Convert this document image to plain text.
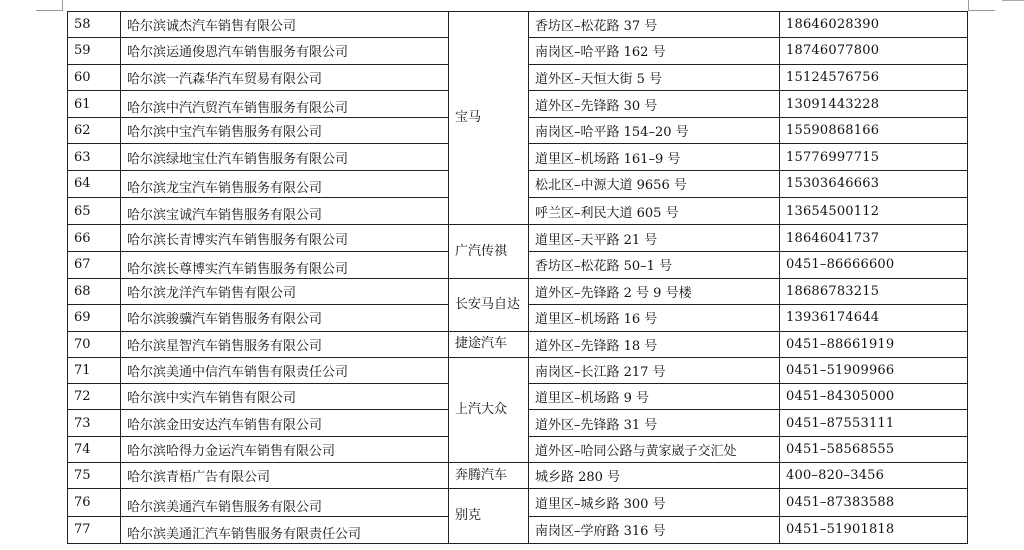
58	哈尔滨诚杰汽车销售有限公司	宝马	香坊区–松花路 37 号	18646028390
59	哈尔滨运通俊恩汽车销售服务有限公司		南岗区–哈平路 162 号	18746077800
60	哈尔滨一汽森华汽车贸易有限公司		道外区–天恒大街 5 号	15124576756
61	哈尔滨中汽汽贸汽车销售服务有限公司		道外区–先锋路 30 号	13091443228
62	哈尔滨中宝汽车销售服务有限公司		南岗区–哈平路 154–20 号	15590868166
63	哈尔滨绿地宝仕汽车销售服务有限公司		道里区–机场路 161–9 号	15776997715
64	哈尔滨龙宝汽车销售服务有限公司		松北区–中源大道 9656 号	15303646663
65	哈尔滨宝诚汽车销售服务有限公司		呼兰区–利民大道 605 号	13654500112
66	哈尔滨长青博实汽车销售服务有限公司	广汽传祺	道里区–天平路 21 号	18646041737
67	哈尔滨长尊博实汽车销售服务有限公司		香坊区–松花路 50–1 号	0451–86666600
68	哈尔滨龙洋汽车销售有限公司	长安马自达	道外区–先锋路 2 号 9 号楼	18686783215
69	哈尔滨骏骥汽车销售服务有限公司		道里区–机场路 16 号	13936174644
70	哈尔滨星智汽车销售服务有限公司	捷途汽车	道外区–先锋路 18 号	0451–88661919
71	哈尔滨美通中信汽车销售有限责任公司	上汽大众	南岗区–长江路 217 号	0451–51909966
72	哈尔滨中实汽车销售有限公司		道里区–机场路 9 号	0451–84305000
73	哈尔滨金田安达汽车销售有限公司		道外区–先锋路 31 号	0451–87553111
74	哈尔滨哈得力金运汽车销售有限公司		道外区–哈同公路与黄家崴子交汇处	0451–58568555
75	哈尔滨青梧广告有限公司	奔腾汽车	城乡路 280 号	400–820–3456
76	哈尔滨美通汽车销售服务有限公司	别克	道里区–城乡路 300 号	0451–87383588
77	哈尔滨美通汇汽车销售服务有限责任公司		南岗区–学府路 316 号	0451–51901818
